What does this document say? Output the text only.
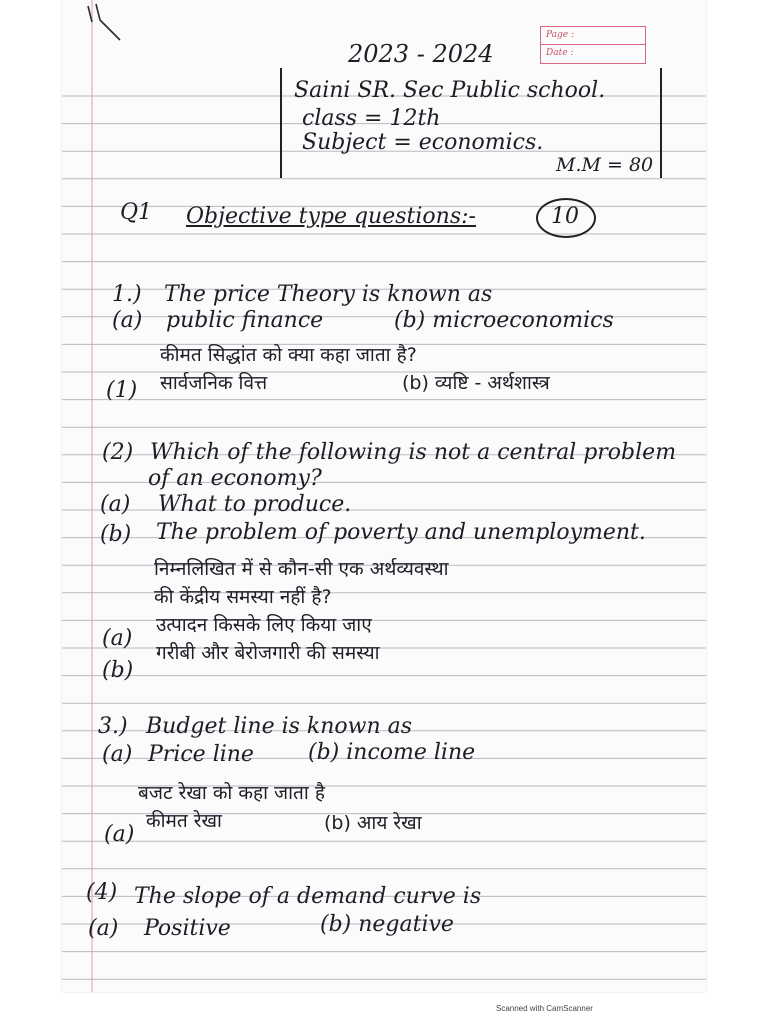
Page :
Date :
2023 - 2024
Saini SR. Sec Public school.
class = 12th
Subject = economics.
M.M = 80
Q1 Objective type questions:-	10
1.) The price Theory is known as
(a) public finance	(b) microeconomics
कीमत सिद्धांत को क्या कहा जाता है?
(1) सार्वजनिक वित्त	(b) व्यष्टि - अर्थशास्त्र
(2) Which of the following is not a central problem
of an economy?
(a) What to produce.
(b) The problem of poverty and unemployment.
निम्नलिखित में से कौन-सी एक अर्थव्यवस्था
की केंद्रीय समस्या नहीं है?
(a)
उत्पादन किसके लिए किया जाए
(b)
गरीबी और बेरोजगारी की समस्या
3.) Budget line is known as
(a) Price line (b) income line
बजट रेखा को कहा जाता है
(a)
कीमत रेखा	(b) आय रेखा
(4) The slope of a demand curve is
(a) Positive	(b) negative
Scanned with CamScanner
